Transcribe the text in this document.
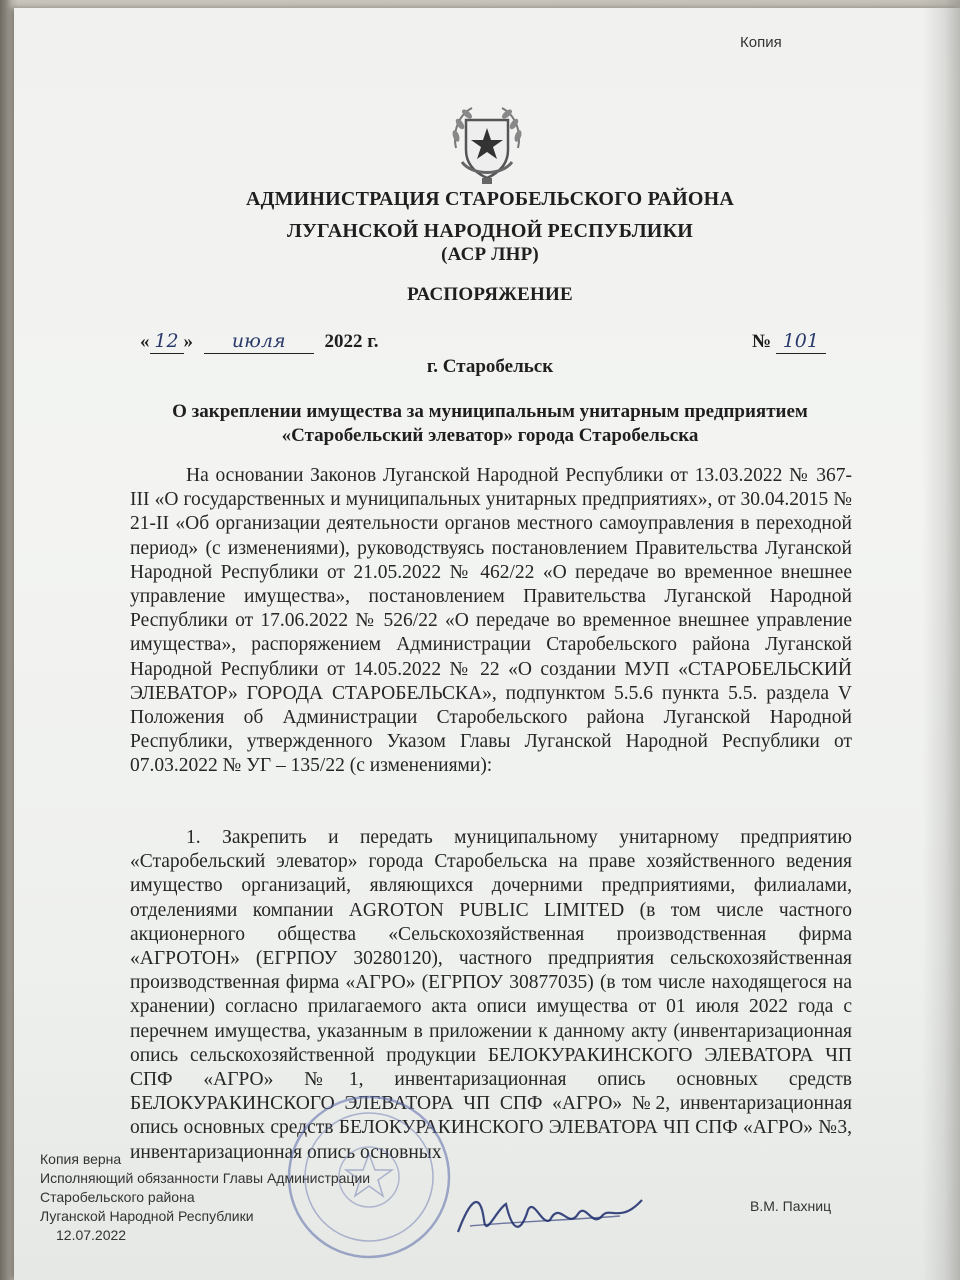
Копия
АДМИНИСТРАЦИЯ СТАРОБЕЛЬСКОГО РАЙОНА
ЛУГАНСКОЙ НАРОДНОЙ РЕСПУБЛИКИ
(АСР ЛНР)
РАСПОРЯЖЕНИЕ
« 12 » июля 2022 г.	№ 101
г. Старобельск
О закреплении имущества за муниципальным унитарным предприятием
«Старобельский элеватор» города Старобельска

На основании Законов Луганской Народной Республики от 13.03.2022 № 367-III «О государственных и муниципальных унитарных предприятиях», от 30.04.2015 № 21-II «Об организации деятельности органов местного самоуправления в переходной период» (с изменениями), руководствуясь постановлением Правительства Луганской Народной Республики от 21.05.2022 № 462/22 «О передаче во временное внешнее управление имущества», постановлением Правительства Луганской Народной Республики от 17.06.2022 № 526/22 «О передаче во временное внешнее управление имущества», распоряжением Администрации Старобельского района Луганской Народной Республики от 14.05.2022 № 22 «О создании МУП «СТАРОБЕЛЬСКИЙ ЭЛЕВАТОР» ГОРОДА СТАРОБЕЛЬСКА», подпунктом 5.5.6 пункта 5.5. раздела V Положения об Администрации Старобельского района Луганской Народной Республики, утвержденного Указом Главы Луганской Народной Республики от 07.03.2022 № УГ – 135/22 (с изменениями):

1. Закрепить и передать муниципальному унитарному предприятию «Старобельский элеватор» города Старобельска на праве хозяйственного ведения имущество организаций, являющихся дочерними предприятиями, филиалами, отделениями компании AGROTON PUBLIC LIMITED (в том числе частного акционерного общества «Сельскохозяйственная производственная фирма «АГРОТОН» (ЕГРПОУ 30280120), частного предприятия сельскохозяйственная производственная фирма «АГРО» (ЕГРПОУ 30877035) (в том числе находящегося на хранении) согласно прилагаемого акта описи имущества от 01 июля 2022 года с перечнем имущества, указанным в приложении к данному акту (инвентаризационная опись сельскохозяйственной продукции БЕЛОКУРАКИНСКОГО ЭЛЕВАТОРА ЧП СПФ «АГРО» №1, инвентаризационная опись основных средств БЕЛОКУРАКИНСКОГО ЭЛЕВАТОРА ЧП СПФ «АГРО» №2, инвентаризационная опись основных средств БЕЛОКУРАКИНСКОГО ЭЛЕВАТОРА ЧП СПФ «АГРО» №3, инвентаризационная опись основных

Копия верна
Исполняющий обязанности Главы Администрации
Старобельского района
Луганской Народной Республики
12.07.2022
В.М. Пахниц
